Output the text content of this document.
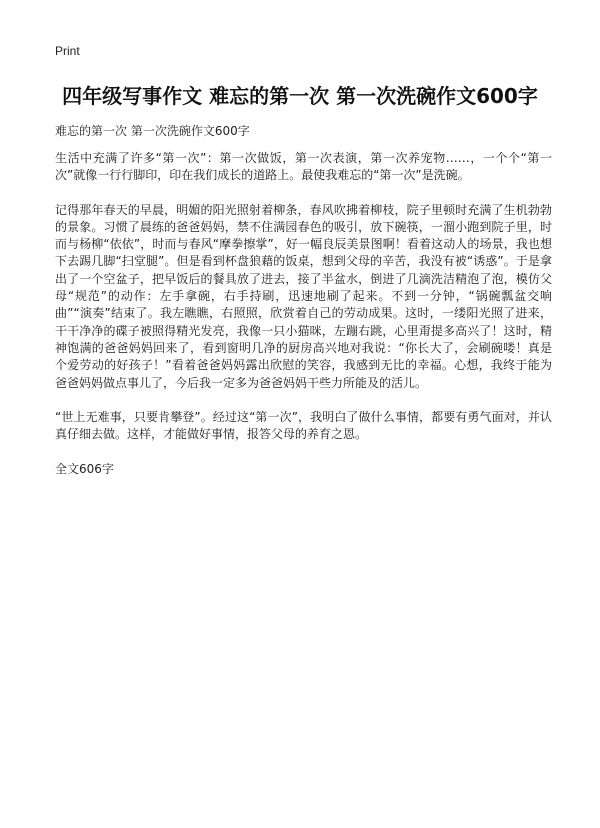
Print
四年级写事作文 难忘的第一次 第一次洗碗作文600字
难忘的第一次 第一次洗碗作文600字

生活中充满了许多“第一次”：第一次做饭，第一次表演，第一次养宠物……，一个个“第一次”就像一行行脚印，印在我们成长的道路上。最使我难忘的“第一次”是洗碗。

记得那年春天的早晨，明媚的阳光照射着柳条，春风吹拂着柳枝，院子里顿时充满了生机勃勃的景象。习惯了晨练的爸爸妈妈，禁不住满园春色的吸引，放下碗筷，一溜小跑到院子里，时而与杨柳“依依”，时而与春风“摩拳擦掌”，好一幅良辰美景图啊！看着这动人的场景，我也想下去踢几脚“扫堂腿”。但是看到杯盘狼藉的饭桌，想到父母的辛苦，我没有被“诱惑”。于是拿出了一个空盆子，把早饭后的餐具放了进去，接了半盆水，倒进了几滴洗洁精泡了泡，模仿父母“规范”的动作：左手拿碗，右手持刷，迅速地刷了起来。不到一分钟，“锅碗瓢盆交响曲”“演奏”结束了。我左瞧瞧，右照照，欣赏着自己的劳动成果。这时，一缕阳光照了进来，干干净净的碟子被照得精光发亮，我像一只小猫咪，左蹦右跳，心里甭提多高兴了！这时，精神饱满的爸爸妈妈回来了，看到窗明几净的厨房高兴地对我说：“你长大了，会刷碗喽！真是个爱劳动的好孩子！”看着爸爸妈妈露出欣慰的笑容，我感到无比的幸福。心想，我终于能为爸爸妈妈做点事儿了，今后我一定多为爸爸妈妈干些力所能及的活儿。

“世上无难事，只要肯攀登”。经过这“第一次”，我明白了做什么事情，都要有勇气面对，并认真仔细去做。这样，才能做好事情，报答父母的养育之恩。

全文606字
